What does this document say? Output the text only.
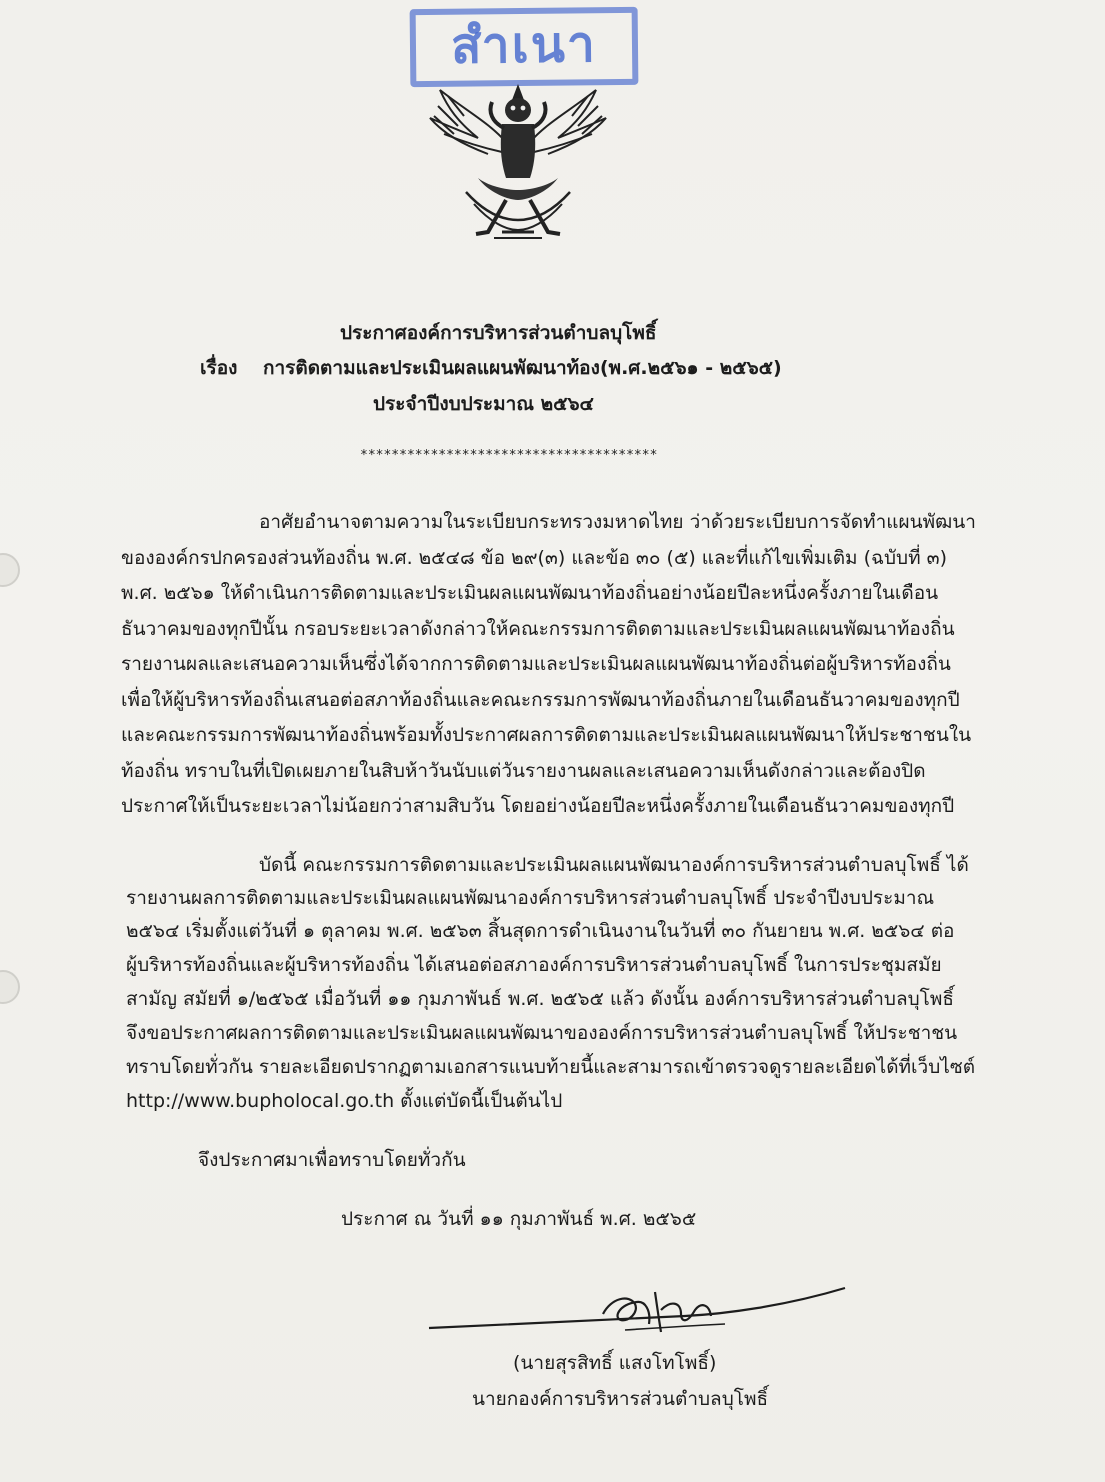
สำเนา
ประกาศองค์การบริหารส่วนตำบลบุโพธิ์
เรื่อง การติดตามและประเมินผลแผนพัฒนาท้อง(พ.ศ.๒๕๖๑ - ๒๕๖๕)
ประจำปีงบประมาณ ๒๕๖๔
**************************************
อาศัยอำนาจตามความในระเบียบกระทรวงมหาดไทย ว่าด้วยระเบียบการจัดทำแผนพัฒนา
ขององค์กรปกครองส่วนท้องถิ่น พ.ศ. ๒๕๔๘ ข้อ ๒๙(๓) และข้อ ๓๐ (๕) และที่แก้ไขเพิ่มเติม (ฉบับที่ ๓)
พ.ศ. ๒๕๖๑ ให้ดำเนินการติดตามและประเมินผลแผนพัฒนาท้องถิ่นอย่างน้อยปีละหนึ่งครั้งภายในเดือน
ธันวาคมของทุกปีนั้น กรอบระยะเวลาดังกล่าวให้คณะกรรมการติดตามและประเมินผลแผนพัฒนาท้องถิ่น
รายงานผลและเสนอความเห็นซึ่งได้จากการติดตามและประเมินผลแผนพัฒนาท้องถิ่นต่อผู้บริหารท้องถิ่น
เพื่อให้ผู้บริหารท้องถิ่นเสนอต่อสภาท้องถิ่นและคณะกรรมการพัฒนาท้องถิ่นภายในเดือนธันวาคมของทุกปี
และคณะกรรมการพัฒนาท้องถิ่นพร้อมทั้งประกาศผลการติดตามและประเมินผลแผนพัฒนาให้ประชาชนใน
ท้องถิ่น ทราบในที่เปิดเผยภายในสิบห้าวันนับแต่วันรายงานผลและเสนอความเห็นดังกล่าวและต้องปิด
ประกาศให้เป็นระยะเวลาไม่น้อยกว่าสามสิบวัน โดยอย่างน้อยปีละหนึ่งครั้งภายในเดือนธันวาคมของทุกปี
บัดนี้ คณะกรรมการติดตามและประเมินผลแผนพัฒนาองค์การบริหารส่วนตำบลบุโพธิ์ ได้
รายงานผลการติดตามและประเมินผลแผนพัฒนาองค์การบริหารส่วนตำบลบุโพธิ์ ประจำปีงบประมาณ
๒๕๖๔ เริ่มตั้งแต่วันที่ ๑ ตุลาคม พ.ศ. ๒๕๖๓ สิ้นสุดการดำเนินงานในวันที่ ๓๐ กันยายน พ.ศ. ๒๕๖๔ ต่อ
ผู้บริหารท้องถิ่นและผู้บริหารท้องถิ่น ได้เสนอต่อสภาองค์การบริหารส่วนตำบลบุโพธิ์ ในการประชุมสมัย
สามัญ สมัยที่ ๑/๒๕๖๕ เมื่อวันที่ ๑๑ กุมภาพันธ์ พ.ศ. ๒๕๖๕ แล้ว ดังนั้น องค์การบริหารส่วนตำบลบุโพธิ์
จึงขอประกาศผลการติดตามและประเมินผลแผนพัฒนาขององค์การบริหารส่วนตำบลบุโพธิ์ ให้ประชาชน
ทราบโดยทั่วกัน รายละเอียดปรากฏตามเอกสารแนบท้ายนี้และสามารถเข้าตรวจดูรายละเอียดได้ที่เว็บไซต์
http://www.bupholocal.go.th ตั้งแต่บัดนี้เป็นต้นไป
จึงประกาศมาเพื่อทราบโดยทั่วกัน
ประกาศ ณ วันที่ ๑๑ กุมภาพันธ์ พ.ศ. ๒๕๖๕
(นายสุรสิทธิ์ แสงโทโพธิ์)
นายกองค์การบริหารส่วนตำบลบุโพธิ์
